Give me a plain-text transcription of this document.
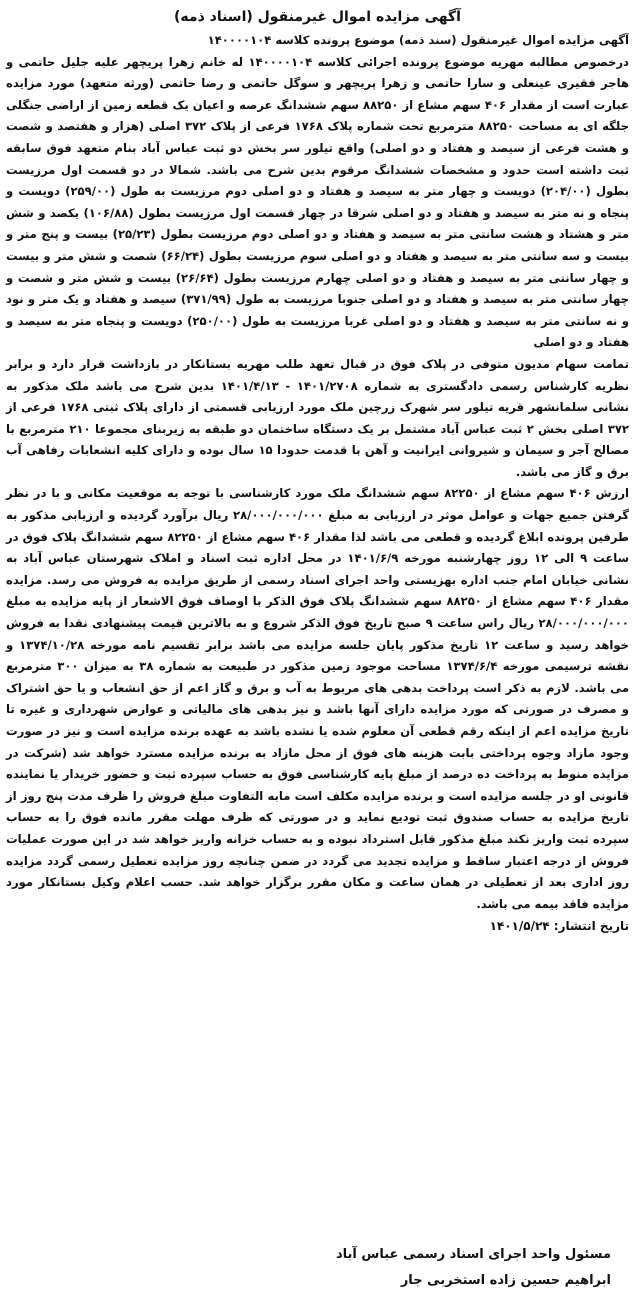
آگهی مزایده اموال غیرمنقول (اسناد ذمه)

آگهی مزایده اموال غیرمنقول (سند ذمه) موضوع پرونده کلاسه ۱۴۰۰۰۰۱۰۴

درخصوص مطالبه مهریه موضوع پرونده اجرائی کلاسه ۱۴۰۰۰۰۱۰۴ له خانم زهرا پریچهر علیه جلیل حاتمی و هاجر فقیری عینعلی و سارا حاتمی و زهرا پریچهر و سوگل حاتمی و رضا حاتمی (ورثه متعهد) مورد مزایده عبارت است از مقدار ۴۰۶ سهم مشاع از ۸۸۲۵۰ سهم ششدانگ عرصه و اعیان یک قطعه زمین از اراضی جنگلی جلگه ای به مساحت ۸۸۲۵۰ مترمربع تحت شماره پلاک ۱۷۶۸ فرعی از پلاک ۳۷۲ اصلی (هزار و هفتصد و شصت و هشت فرعی از سیصد و هفتاد و دو اصلی) واقع تیلور سر بخش دو ثبت عباس آباد بنام متعهد فوق سابقه ثبت داشته است حدود و مشخصات ششدانگ مرقوم بدین شرح می باشد. شمالا در دو قسمت اول مرزیست بطول (۲۰۴/۰۰) دویست و چهار متر به سیصد و هفتاد و دو اصلی دوم مرزیست به طول (۲۵۹/۰۰) دویست و پنجاه و نه متر به سیصد و هفتاد و دو اصلی شرقا در چهار قسمت اول مرزیست بطول (۱۰۶/۸۸) یکصد و شش متر و هشتاد و هشت سانتی متر به سیصد و هفتاد و دو اصلی دوم مرزیست بطول (۲۵/۲۳) بیست و پنج متر و بیست و سه سانتی متر به سیصد و هفتاد و دو اصلی سوم مرزیست بطول (۶۶/۲۴) شصت و شش متر و بیست و چهار سانتی متر به سیصد و هفتاد و دو اصلی چهارم مرزیست بطول (۲۶/۶۴) بیست و شش متر و شصت و چهار سانتی متر به سیصد و هفتاد و دو اصلی جنوبا مرزیست به طول (۳۷۱/۹۹) سیصد و هفتاد و یک متر و نود و نه سانتی متر به سیصد و هفتاد و دو اصلی غربا مرزیست به طول (۲۵۰/۰۰) دویست و پنجاه متر به سیصد و هفتاد و دو اصلی

تمامت سهام مدیون متوفی در پلاک فوق در قبال تعهد طلب مهریه بستانکار در بازداشت قرار دارد و برابر نظریه کارشناس رسمی دادگستری به شماره ۱۴۰۱/۲۷۰۸ - ۱۴۰۱/۴/۱۳ بدین شرح می باشد ملک مذکور به نشانی سلمانشهر قریه تیلور سر شهرک زرچین ملک مورد ارزیابی قسمتی از دارای پلاک ثبتی ۱۷۶۸ فرعی از ۳۷۲ اصلی بخش ۲ ثبت عباس آباد مشتمل بر یک دستگاه ساختمان دو طبقه به زیربنای مجموعا ۲۱۰ مترمربع با مصالح آجر و سیمان و شیروانی ایرانیت و آهن با قدمت حدودا ۱۵ سال بوده و دارای کلیه انشعابات رفاهی آب برق و گاز می باشد.

ارزش ۴۰۶ سهم مشاع از ۸۲۲۵۰ سهم ششدانگ ملک مورد کارشناسی با توجه به موقعیت مکانی و با در نظر گرفتن جمیع جهات و عوامل موثر در ارزیابی به مبلغ ۲۸/۰۰۰/۰۰۰/۰۰۰ ریال برآورد گردیده و ارزیابی مذکور به طرفین پرونده ابلاغ گردیده و قطعی می باشد لذا مقدار ۴۰۶ سهم مشاع از ۸۲۲۵۰ سهم ششدانگ پلاک فوق در ساعت ۹ الی ۱۲ روز چهارشنبه مورخه ۱۴۰۱/۶/۹ در محل اداره ثبت اسناد و املاک شهرستان عباس آباد به نشانی خیابان امام جنب اداره بهزیستی واحد اجرای اسناد رسمی از طریق مزایده به فروش می رسد. مزایده مقدار ۴۰۶ سهم مشاع از ۸۸۲۵۰ سهم ششدانگ پلاک فوق الذکر با اوصاف فوق الاشعار از پایه مزایده به مبلغ ۲۸/۰۰۰/۰۰۰/۰۰۰ ریال راس ساعت ۹ صبح تاریخ فوق الذکر شروع و به بالاترین قیمت پیشنهادی نقدا به فروش خواهد رسید و ساعت ۱۲ تاریخ مذکور پایان جلسه مزایده می باشد برابر تقسیم نامه مورخه ۱۳۷۴/۱۰/۲۸ و نقشه ترسیمی مورخه ۱۳۷۴/۶/۴ مساحت موجود زمین مذکور در طبیعت به شماره ۳۸ به میزان ۳۰۰ مترمربع می باشد. لازم به ذکر است پرداخت بدهی های مربوط به آب و برق و گاز اعم از حق انشعاب و یا حق اشتراک و مصرف در صورتی که مورد مزایده دارای آنها باشد و نیز بدهی های مالیاتی و عوارض شهرداری و غیره تا تاریخ مزایده اعم از اینکه رقم قطعی آن معلوم شده یا نشده باشد به عهده برنده مزایده است و نیز در صورت وجود مازاد وجوه پرداختی بابت هزینه های فوق از محل مازاد به برنده مزایده مسترد خواهد شد (شرکت در مزایده منوط به پرداخت ده درصد از مبلغ پایه کارشناسی فوق به حساب سپرده ثبت و حضور خریدار یا نماینده قانونی او در جلسه مزایده است و برنده مزایده مکلف است مابه التفاوت مبلغ فروش را ظرف مدت پنج روز از تاریخ مزایده به حساب صندوق ثبت تودیع نماید و در صورتی که ظرف مهلت مقرر مانده فوق را به حساب سپرده ثبت واریز نکند مبلغ مذکور قابل استرداد نبوده و به حساب خزانه واریز خواهد شد در این صورت عملیات فروش از درجه اعتبار ساقط و مزایده تجدید می گردد در ضمن چنانچه روز مزایده تعطیل رسمی گردد مزایده روز اداری بعد از تعطیلی در همان ساعت و مکان مقرر برگزار خواهد شد. حسب اعلام وکیل بستانکار مورد مزایده فاقد بیمه می باشد.

تاریخ انتشار: ۱۴۰۱/۵/۲۴

مسئول واحد اجرای اسناد رسمی عباس آباد
ابراهیم حسین زاده استخربی جار
